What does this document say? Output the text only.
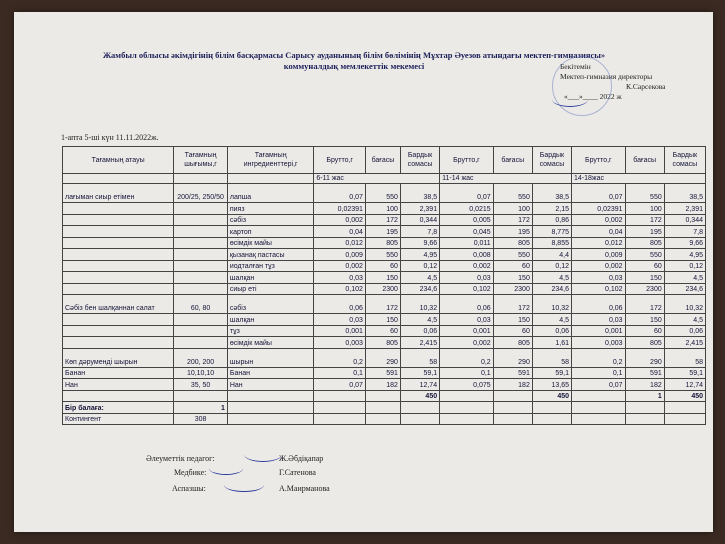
Жамбыл облысы әкімдігінің білім басқармасы Сарысу ауданының білім бөлімінің Мұхтар Әуезов атындағы мектеп-гимназиясы»
коммуналдық мемлекеттік мекемесі	Бекітемін
Мектеп-гимназия директоры
К.Сарсекова
«___»____ 2022 ж
1-апта 5-ші күн 11.11.2022ж.
Тағамның атауы	Тағамның шығымы,г	Тағамның ингредиенттері,г	Брутто,г	бағасы	Бардык сомасы	Брутто,г	бағасы	Бардык сомасы	Брутто,г	бағасы	Бардык сомасы
			6-11 жас			11-14 жас			14-18жас		
лағыман сиыр етімен	200/25, 250/50	лапша	0,07	550	38,5	0,07	550	38,5	0,07	550	38,5
		пияз	0,02391	100	2,391	0,0215	100	2,15	0,02391	100	2,391
		сәбіз	0,002	172	0,344	0,005	172	0,86	0,002	172	0,344
		картоп	0,04	195	7,8	0,045	195	8,775	0,04	195	7,8
		өсімдік майы	0,012	805	9,66	0,011	805	8,855	0,012	805	9,66
		қызанақ пастасы	0,009	550	4,95	0,008	550	4,4	0,009	550	4,95
		иодталған тұз	0,002	60	0,12	0,002	60	0,12	0,002	60	0,12
		шалқан	0,03	150	4,5	0,03	150	4,5	0,03	150	4,5
		сиыр еті	0,102	2300	234,6	0,102	2300	234,6	0,102	2300	234,6
Сәбіз бен шалқаннан салат	60, 80	сәбіз	0,06	172	10,32	0,06	172	10,32	0,06	172	10,32
		шалқан	0,03	150	4,5	0,03	150	4,5	0,03	150	4,5
		тұз	0,001	60	0,06	0,001	60	0,06	0,001	60	0,06
		өсімдік майы	0,003	805	2,415	0,002	805	1,61	0,003	805	2,415
Көп дәрумендi шырын	200, 200	шырын	0,2	290	58	0,2	290	58	0,2	290	58
Банан	10,10,10	Банан	0,1	591	59,1	0,1	591	59,1	0,1	591	59,1
Нан	35, 50	Нан	0,07	182	12,74	0,075	182	13,65	0,07	182	12,74
					450			450		1	450
Бір балаға:	1										
Контингент	308										
Әлеуметтік педагог:	Ж.Әбдіқапар
Медбике:	Г.Сатенова
Аспазшы:	А.Маирманова
